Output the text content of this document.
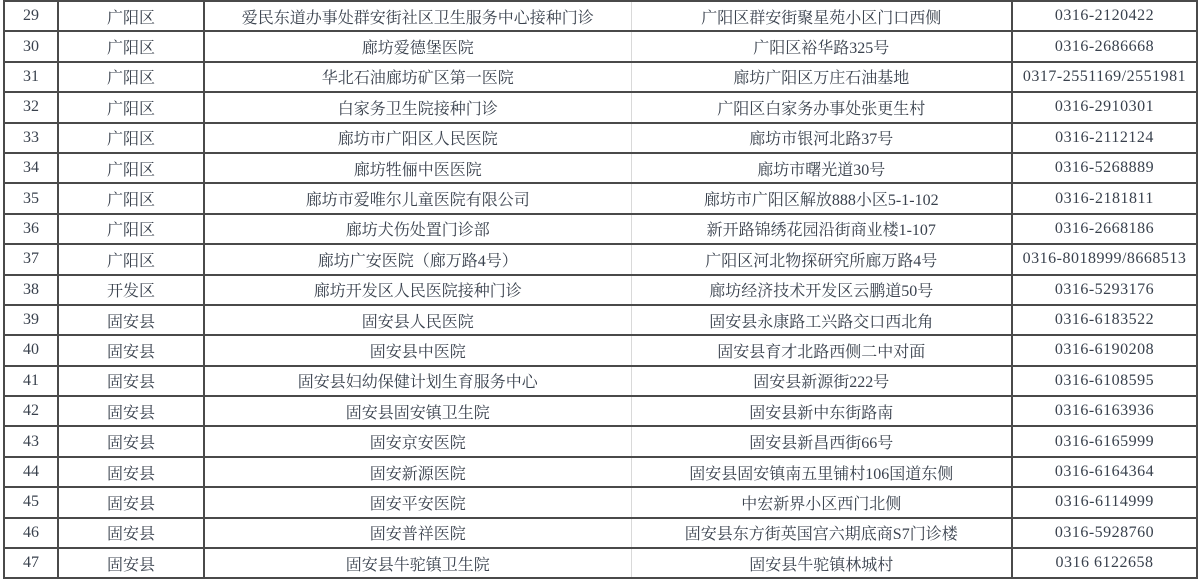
29	广阳区	爱民东道办事处群安街社区卫生服务中心接种门诊	广阳区群安街聚星苑小区门口西侧	0316-2120422
30	广阳区	廊坊爱德堡医院	广阳区裕华路325号	0316-2686668
31	广阳区	华北石油廊坊矿区第一医院	廊坊广阳区万庄石油基地	0317-2551169/2551981
32	广阳区	白家务卫生院接种门诊	广阳区白家务办事处张更生村	0316-2910301
33	广阳区	廊坊市广阳区人民医院	廊坊市银河北路37号	0316-2112124
34	广阳区	廊坊牲俪中医医院	廊坊市曙光道30号	0316-5268889
35	广阳区	廊坊市爱唯尔儿童医院有限公司	廊坊市广阳区解放888小区5-1-102	0316-2181811
36	广阳区	廊坊犬伤处置门诊部	新开路锦绣花园沿街商业楼1-107	0316-2668186
37	广阳区	廊坊广安医院（廊万路4号）	广阳区河北物探研究所廊万路4号	0316-8018999/8668513
38	开发区	廊坊开发区人民医院接种门诊	廊坊经济技术开发区云鹏道50号	0316-5293176
39	固安县	固安县人民医院	固安县永康路工兴路交口西北角	0316-6183522
40	固安县	固安县中医院	固安县育才北路西侧二中对面	0316-6190208
41	固安县	固安县妇幼保健计划生育服务中心	固安县新源街222号	0316-6108595
42	固安县	固安县固安镇卫生院	固安县新中东街路南	0316-6163936
43	固安县	固安京安医院	固安县新昌西街66号	0316-6165999
44	固安县	固安新源医院	固安县固安镇南五里铺村106国道东侧	0316-6164364
45	固安县	固安平安医院	中宏新界小区西门北侧	0316-6114999
46	固安县	固安普祥医院	固安县东方街英国宫六期底商S7门诊楼	0316-5928760
47	固安县	固安县牛驼镇卫生院	固安县牛驼镇林城村	0316 6122658
